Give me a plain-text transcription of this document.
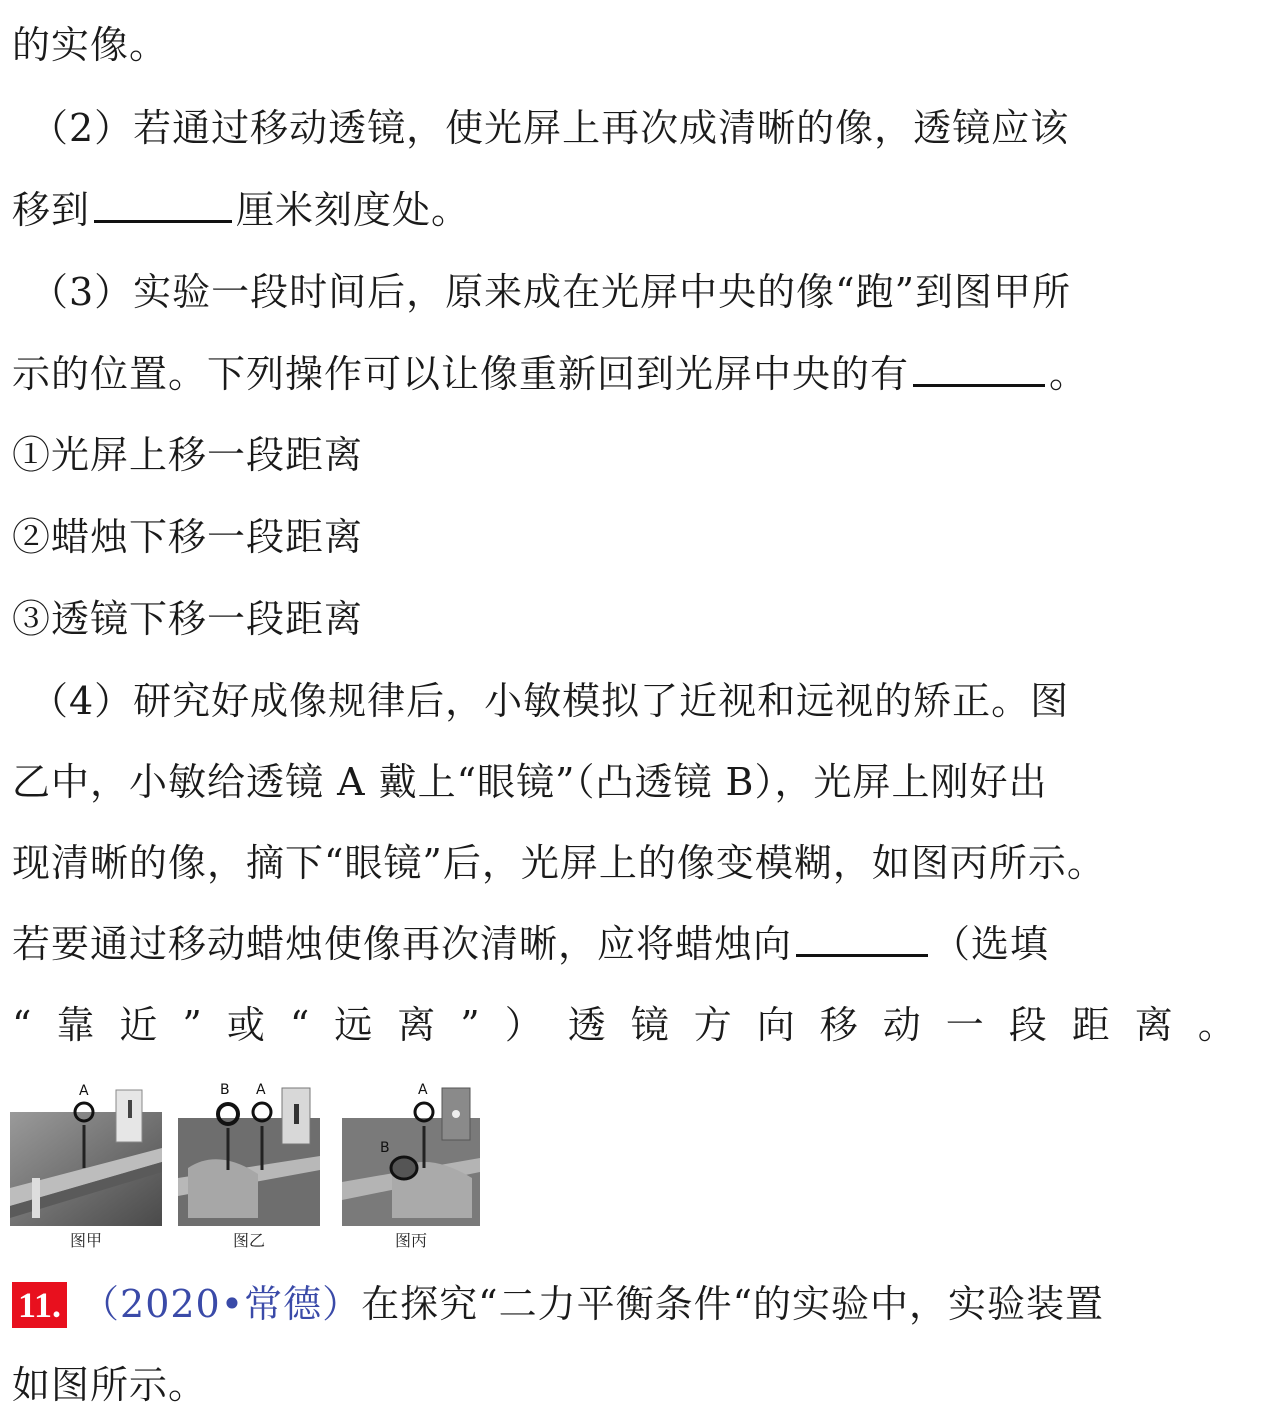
的实像。
（2）若通过移动透镜，使光屏上再次成清晰的像，透镜应该
移到	厘米刻度处。
（3）实验一段时间后，原来成在光屏中央的像“跑”到图甲所
示的位置。下列操作可以让像重新回到光屏中央的有	。
①光屏上移一段距离
②蜡烛下移一段距离
③透镜下移一段距离
（4）研究好成像规律后，小敏模拟了近视和远视的矫正。图
乙中，小敏给透镜 A 戴上“眼镜”（凸透镜 B），光屏上刚好出
现清晰的像，摘下“眼镜”后，光屏上的像变模糊，如图丙所示。
若要通过移动蜡烛使像再次清晰，应将蜡烛向	（选填
“靠近”或“远离”）透镜方向移动一段距离。
A
图甲
B A
图乙
A
B
图丙
11. （2020•常德）在探究“二力平衡条件“的实验中，实验装置
如图所示。
